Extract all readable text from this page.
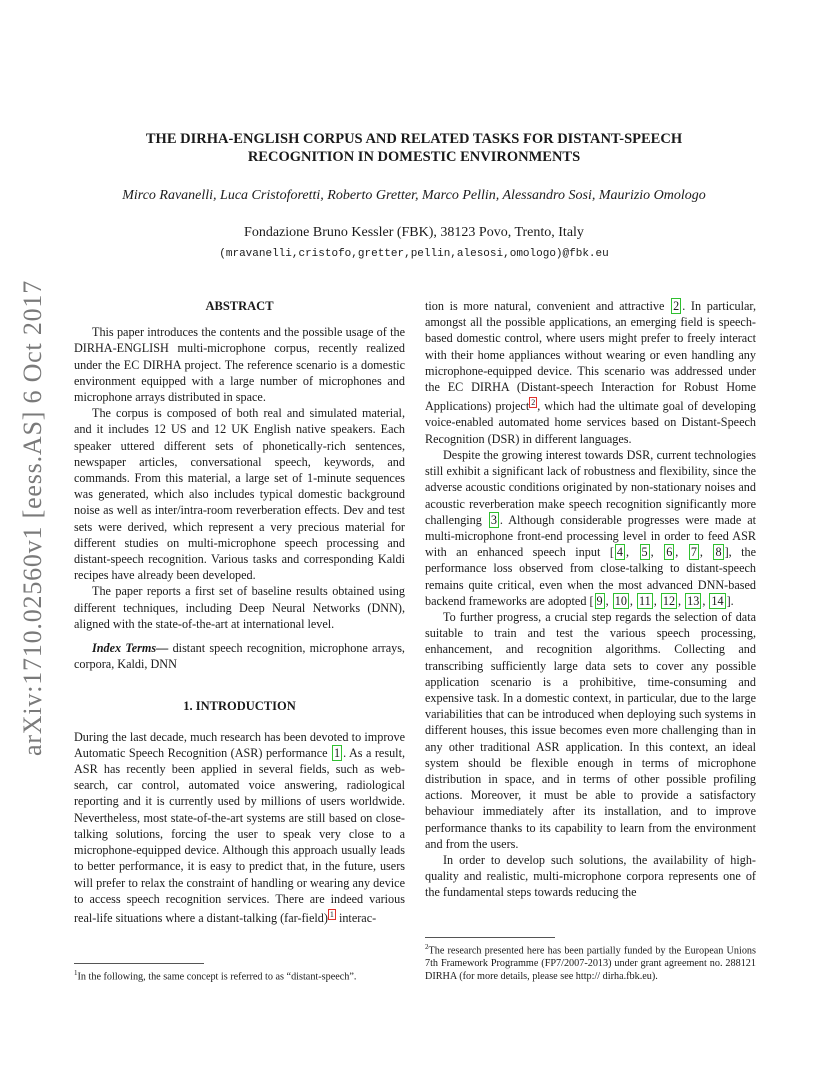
arXiv:1710.02560v1 [eess.AS] 6 Oct 2017
THE DIRHA-ENGLISH CORPUS AND RELATED TASKS FOR DISTANT-SPEECH
RECOGNITION IN DOMESTIC ENVIRONMENTS
Mirco Ravanelli, Luca Cristoforetti, Roberto Gretter, Marco Pellin, Alessandro Sosi, Maurizio Omologo
Fondazione Bruno Kessler (FBK), 38123 Povo, Trento, Italy
(mravanelli,cristofo,gretter,pellin,alesosi,omologo)@fbk.eu
ABSTRACT

This paper introduces the contents and the possible usage of the DIRHA-ENGLISH multi-microphone corpus, recently realized under the EC DIRHA project. The reference scenario is a domestic environment equipped with a large number of microphones and microphone arrays distributed in space.

The corpus is composed of both real and simulated material, and it includes 12 US and 12 UK English native speakers. Each speaker uttered different sets of phonetically-rich sentences, newspaper articles, conversational speech, keywords, and commands. From this material, a large set of 1-minute sequences was generated, which also includes typical domestic background noise as well as inter/intra-room reverberation effects. Dev and test sets were derived, which represent a very precious material for different studies on multi-microphone speech processing and distant-speech recognition. Various tasks and corresponding Kaldi recipes have already been developed.

The paper reports a first set of baseline results obtained using different techniques, including Deep Neural Networks (DNN), aligned with the state-of-the-art at international level.

Index Terms— distant speech recognition, microphone arrays, corpora, Kaldi, DNN

1. INTRODUCTION

During the last decade, much research has been devoted to improve Automatic Speech Recognition (ASR) performance 1 . As a result, ASR has recently been applied in several fields, such as web-search, car control, automated voice answering, radiological reporting and it is currently used by millions of users worldwide. Nevertheless, most state-of-the-art systems are still based on close-talking solutions, forcing the user to speak very close to a microphone-equipped device. Although this approach usually leads to better performance, it is easy to predict that, in the future, users will prefer to relax the constraint of handling or wearing any device to access speech recognition services. There are indeed various real-life situations where a distant-talking (far-field) $^1$ interac-

tion is more natural, convenient and attractive 2 . In particular, amongst all the possible applications, an emerging field is speech-based domestic control, where users might prefer to freely interact with their home appliances without wearing or even handling any microphone-equipped device. This scenario was addressed under the EC DIRHA (Distant-speech Interaction for Robust Home Applications) project $^2$ , which had the ultimate goal of developing voice-enabled automated home services based on Distant-Speech Recognition (DSR) in different languages.

Despite the growing interest towards DSR, current technologies still exhibit a significant lack of robustness and flexibility, since the adverse acoustic conditions originated by non-stationary noises and acoustic reverberation make speech recognition significantly more challenging 3 . Although considerable progresses were made at multi-microphone front-end processing level in order to feed ASR with an enhanced speech input [ 4 , 5 , 6 , 7 , 8 ], the performance loss observed from close-talking to distant-speech remains quite critical, even when the most advanced DNN-based backend frameworks are adopted [ 9 , 10 , 11 , 12 , 13 , 14 ].

To further progress, a crucial step regards the selection of data suitable to train and test the various speech processing, enhancement, and recognition algorithms. Collecting and transcribing sufficiently large data sets to cover any possible application scenario is a prohibitive, time-consuming and expensive task. In a domestic context, in particular, due to the large variabilities that can be introduced when deploying such systems in different houses, this issue becomes even more challenging than in any other traditional ASR application. In this context, an ideal system should be flexible enough in terms of microphone distribution in space, and in terms of other possible profiling actions. Moreover, it must be able to provide a satisfactory behaviour immediately after its installation, and to improve performance thanks to its capability to learn from the environment and from the users.

In order to develop such solutions, the availability of high-quality and realistic, multi-microphone corpora represents one of the fundamental steps towards reducing the

$^1$In the following, the same concept is referred to as “distant-speech”.
$^2$The research presented here has been partially funded by the European Unions 7th Framework Programme (FP7/2007-2013) under grant agreement no. 288121 DIRHA (for more details, please see http:// dirha.fbk.eu).
